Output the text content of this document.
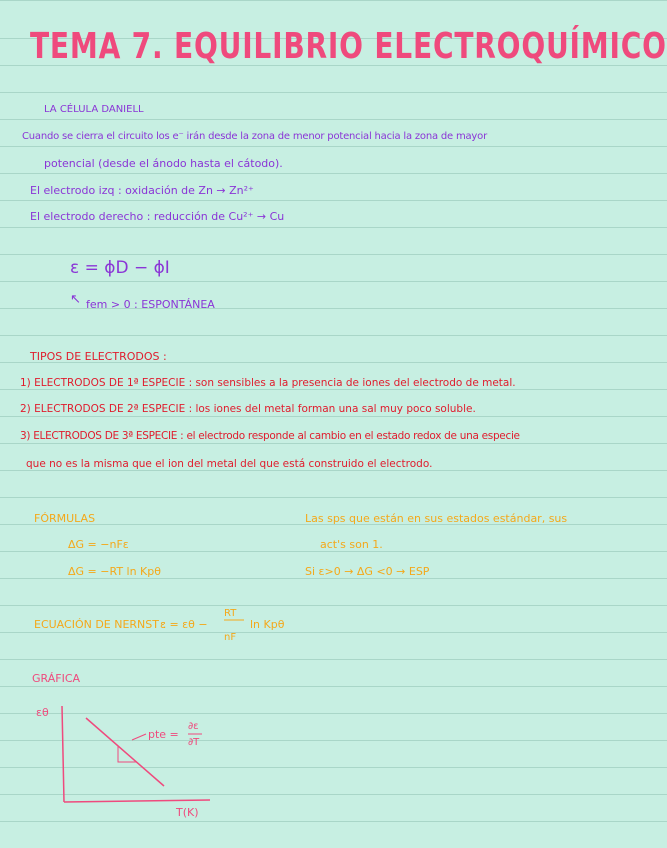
TEMA 7. EQUILIBRIO ELECTROQUÍMICO
LA CÉLULA DANIELL
Cuando se cierra el circuito los e⁻ irán desde la zona de menor potencial hacia la zona de mayor
potencial (desde el ánodo hasta el cátodo).
El electrodo izq : oxidación de Zn → Zn²⁺
El electrodo derecho : reducción de Cu²⁺ → Cu
ε = ϕD − ϕI
↖ fem > 0 : ESPONTÁNEA
TIPOS DE ELECTRODOS :
1) ELECTRODOS DE 1ª ESPECIE : son sensibles a la presencia de iones del electrodo de metal.
2) ELECTRODOS DE 2ª ESPECIE : los iones del metal forman una sal muy poco soluble.
3) ELECTRODOS DE 3ª ESPECIE : el electrodo responde al cambio en el estado redox de una especie
que no es la misma que el ion del metal del que está construido el electrodo.
FÓRMULAS
ΔG = −nFε
ΔG = −RT ln Kpθ
Las sps que están en sus estados estándar, sus
act's son 1.
Si ε>0 → ΔG <0 → ESP
ECUACIÓN DE NERNST :
ε = εθ −
RT
nF
ln Kpθ
GRÁFICA
εθ
T(K)
pte =
∂ε
∂T
